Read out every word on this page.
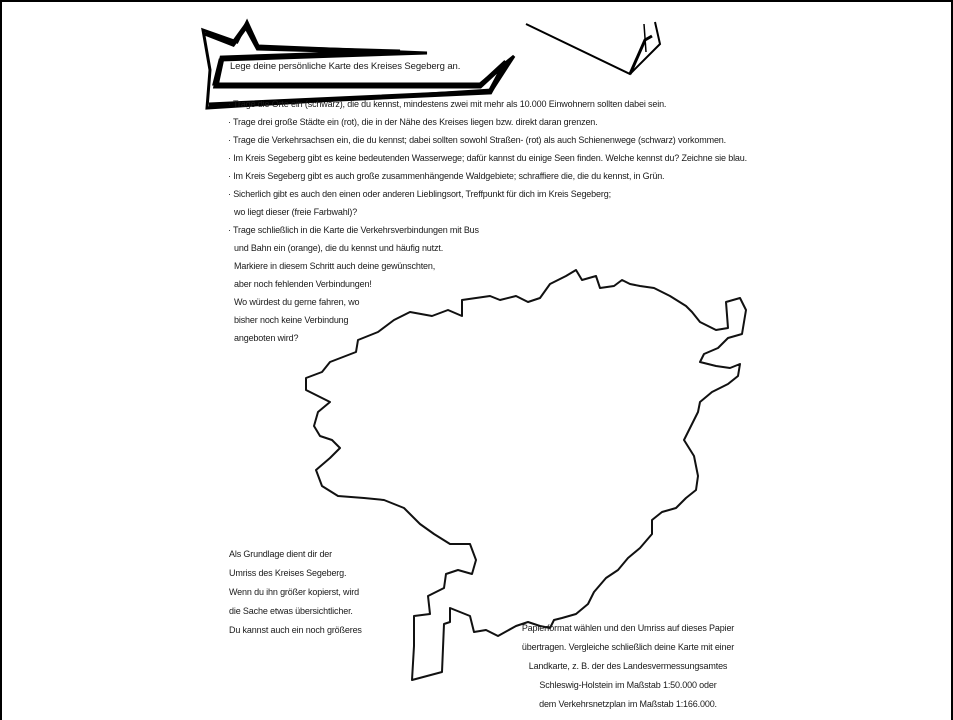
Lege deine persönliche Karte des Kreises Segeberg an.
· Trage die Orte ein (schwarz), die du kennst, mindestens zwei mit mehr als 10.000 Einwohnern sollten dabei sein.
· Trage drei große Städte ein (rot), die in der Nähe des Kreises liegen bzw. direkt daran grenzen.
· Trage die Verkehrsachsen ein, die du kennst; dabei sollten sowohl Straßen- (rot) als auch Schienenwege (schwarz) vorkommen.
· Im Kreis Segeberg gibt es keine bedeutenden Wasserwege; dafür kannst du einige Seen finden. Welche kennst du? Zeichne sie blau.
· Im Kreis Segeberg gibt es auch große zusammenhängende Waldgebiete; schraffiere die, die du kennst, in Grün.
· Sicherlich gibt es auch den einen oder anderen Lieblingsort, Treffpunkt für dich im Kreis Segeberg;
wo liegt dieser (freie Farbwahl)?
· Trage schließlich in die Karte die Verkehrsverbindungen mit Bus
und Bahn ein (orange), die du kennst und häufig nutzt.
Markiere in diesem Schritt auch deine gewünschten,
aber noch fehlenden Verbindungen!
Wo würdest du gerne fahren, wo
bisher noch keine Verbindung
angeboten wird?
Als Grundlage dient dir der
Umriss des Kreises Segeberg.
Wenn du ihn größer kopierst, wird
die Sache etwas übersichtlicher.
Du kannst auch ein noch größeres	Papierformat wählen und den Umriss auf dieses Papier
übertragen. Vergleiche schließlich deine Karte mit einer
Landkarte, z. B. der des Landesvermessungsamtes
Schleswig-Holstein im Maßstab 1:50.000 oder
dem Verkehrsnetzplan im Maßstab 1:166.000.
